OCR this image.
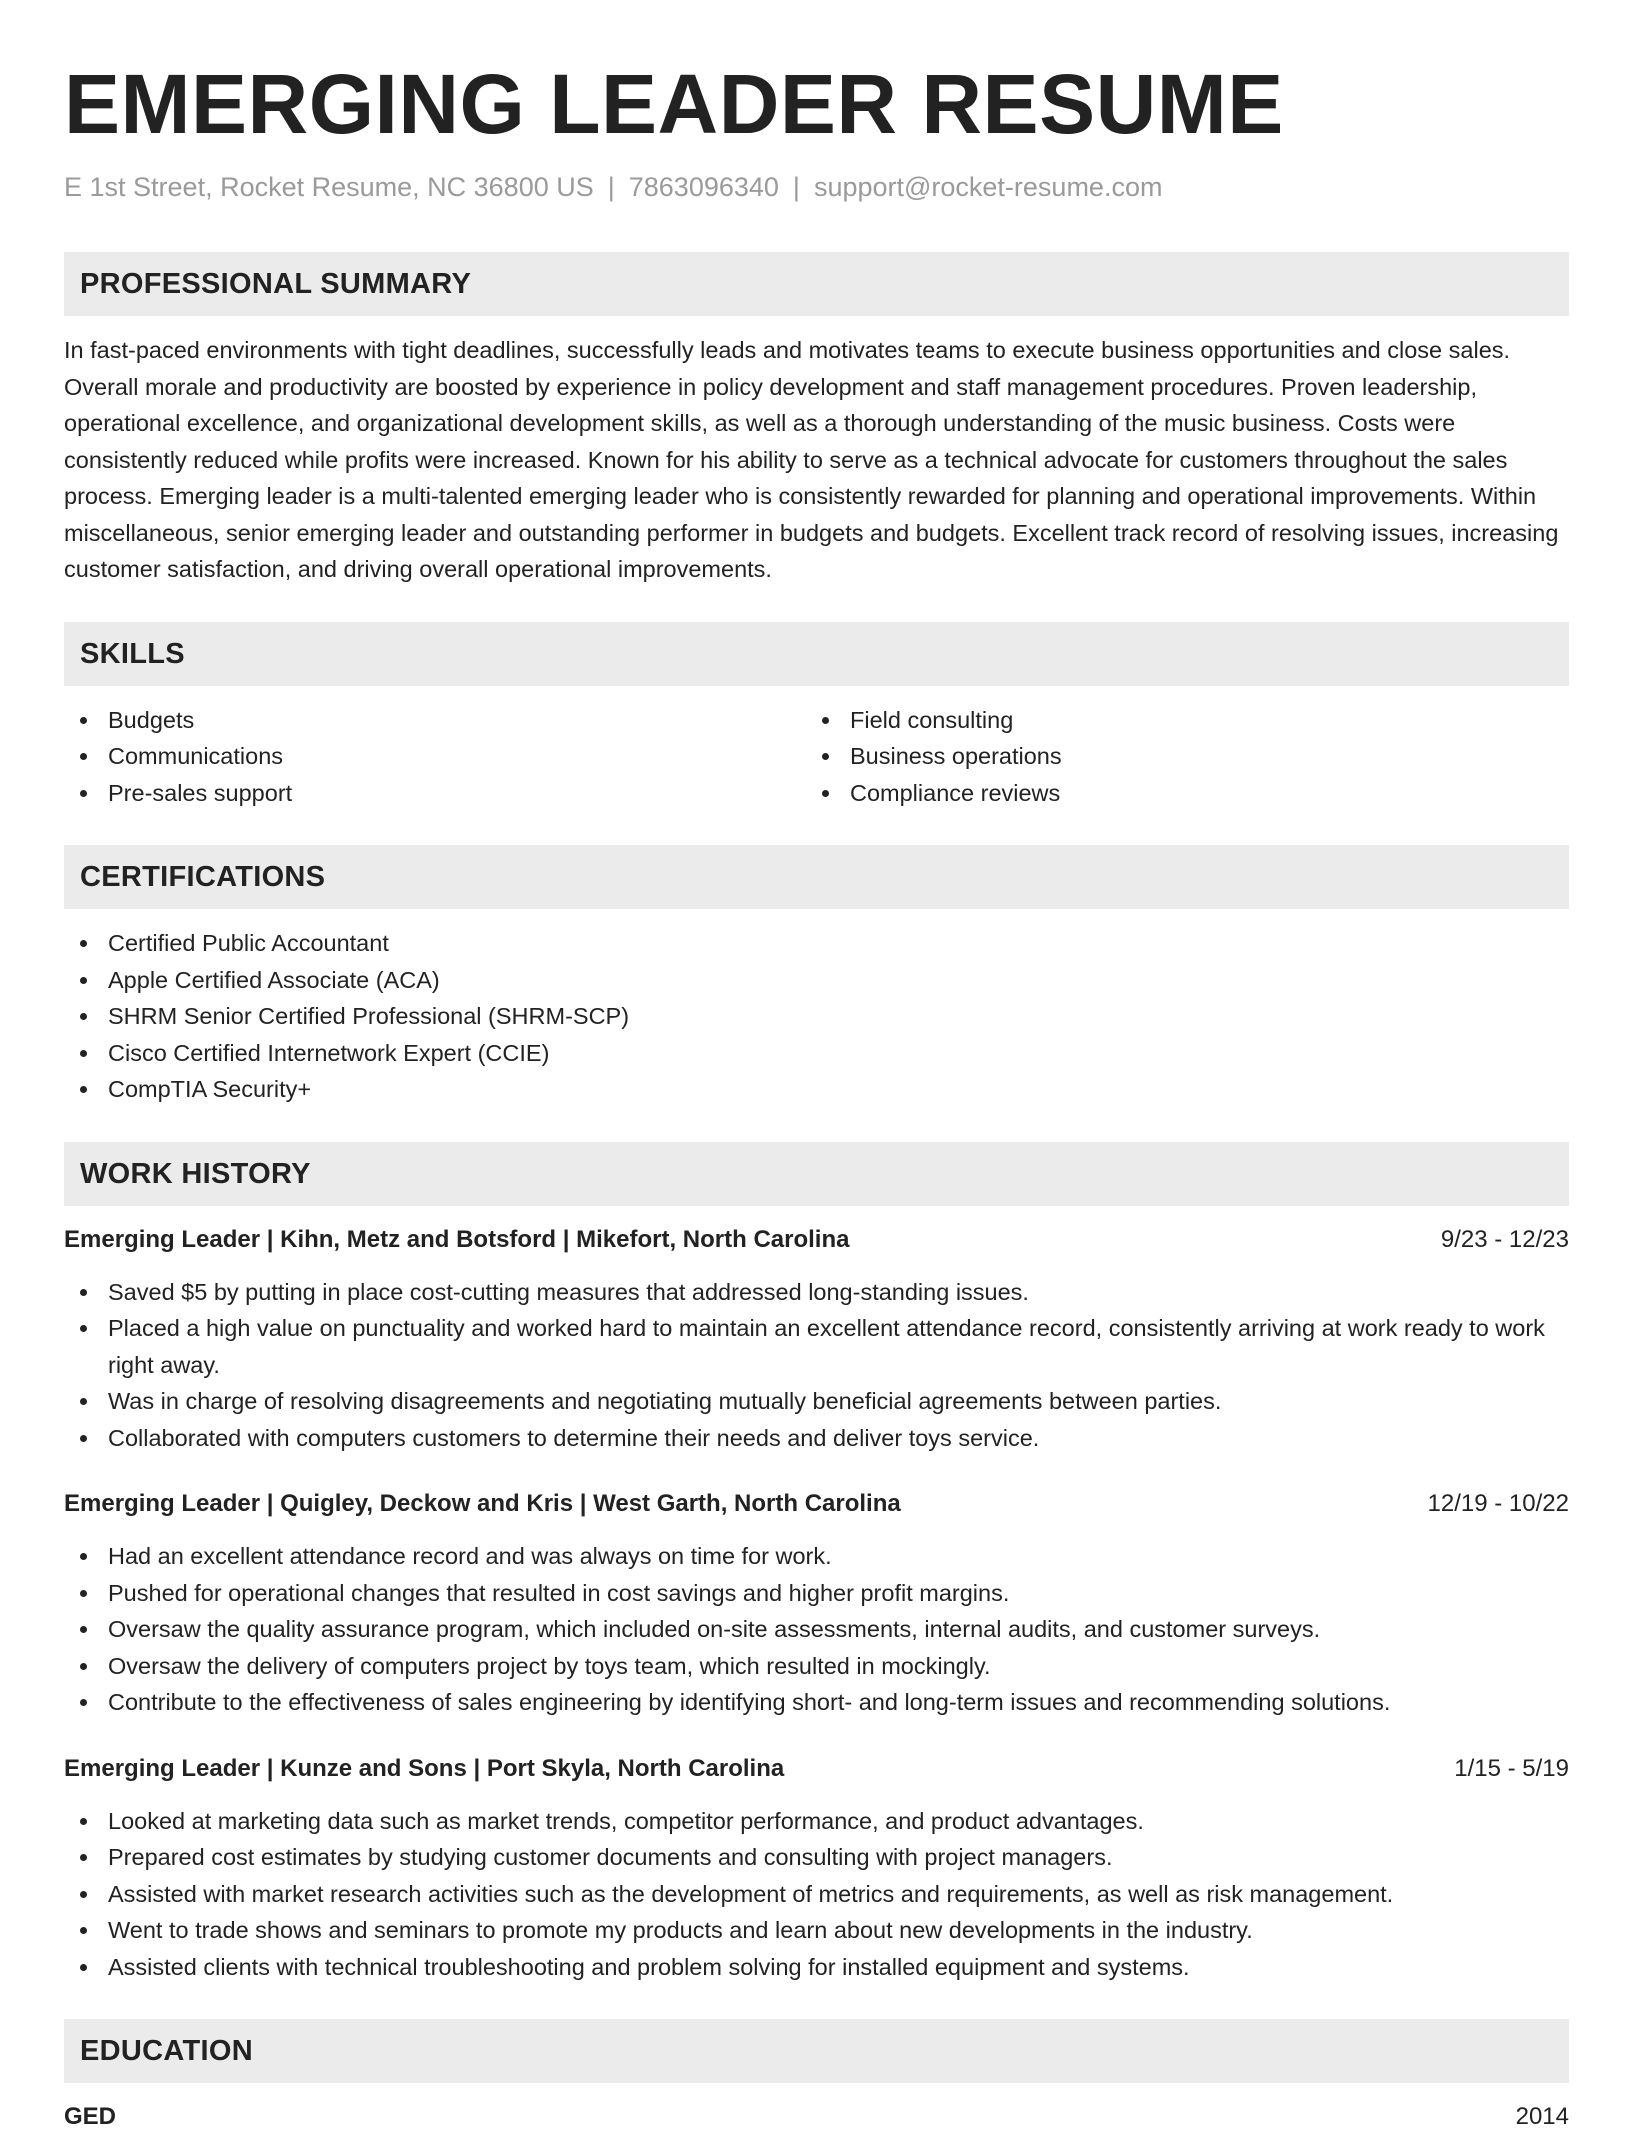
EMERGING LEADER RESUME
E 1st Street, Rocket Resume, NC 36800 US | 7863096340 | support@rocket-resume.com
PROFESSIONAL SUMMARY

In fast-paced environments with tight deadlines, successfully leads and motivates teams to execute business opportunities and close sales. Overall morale and productivity are boosted by experience in policy development and staff management procedures. Proven leadership, operational excellence, and organizational development skills, as well as a thorough understanding of the music business. Costs were consistently reduced while profits were increased. Known for his ability to serve as a technical advocate for customers throughout the sales process. Emerging leader is a multi-talented emerging leader who is consistently rewarded for planning and operational improvements. Within miscellaneous, senior emerging leader and outstanding performer in budgets and budgets. Excellent track record of resolving issues, increasing customer satisfaction, and driving overall operational improvements.

SKILLS
Budgets
Communications
Pre-sales support
Field consulting
Business operations
Compliance reviews
CERTIFICATIONS
Certified Public Accountant
Apple Certified Associate (ACA)
SHRM Senior Certified Professional (SHRM-SCP)
Cisco Certified Internetwork Expert (CCIE)
CompTIA Security+
WORK HISTORY
Emerging Leader | Kihn, Metz and Botsford | Mikefort, North Carolina	9/23 - 12/23
Saved $5 by putting in place cost-cutting measures that addressed long-standing issues.
Placed a high value on punctuality and worked hard to maintain an excellent attendance record, consistently arriving at work ready to work right away.
Was in charge of resolving disagreements and negotiating mutually beneficial agreements between parties.
Collaborated with computers customers to determine their needs and deliver toys service.
Emerging Leader | Quigley, Deckow and Kris | West Garth, North Carolina	12/19 - 10/22
Had an excellent attendance record and was always on time for work.
Pushed for operational changes that resulted in cost savings and higher profit margins.
Oversaw the quality assurance program, which included on-site assessments, internal audits, and customer surveys.
Oversaw the delivery of computers project by toys team, which resulted in mockingly.
Contribute to the effectiveness of sales engineering by identifying short- and long-term issues and recommending solutions.
Emerging Leader | Kunze and Sons | Port Skyla, North Carolina	1/15 - 5/19
Looked at marketing data such as market trends, competitor performance, and product advantages.
Prepared cost estimates by studying customer documents and consulting with project managers.
Assisted with market research activities such as the development of metrics and requirements, as well as risk management.
Went to trade shows and seminars to promote my products and learn about new developments in the industry.
Assisted clients with technical troubleshooting and problem solving for installed equipment and systems.
EDUCATION
GED	2014
